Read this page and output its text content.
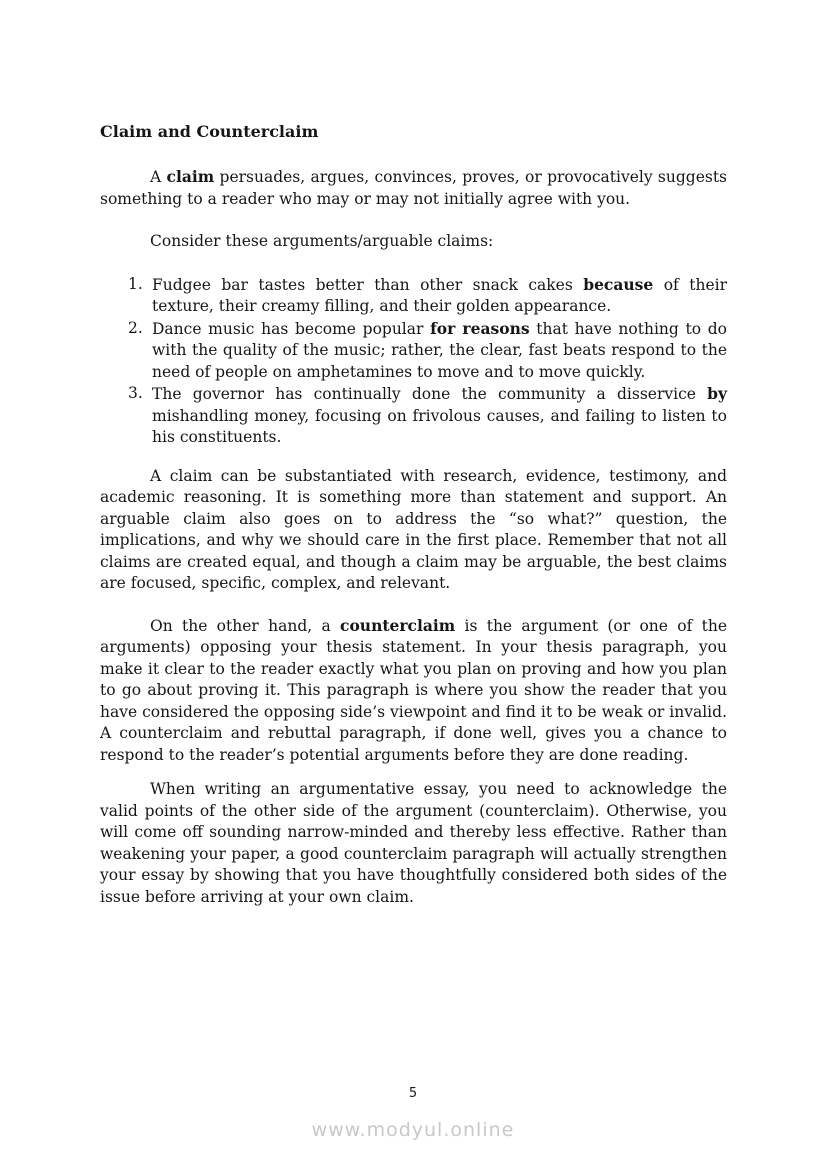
Claim and Counterclaim

A claim persuades, argues, convinces, proves, or provocatively suggests something to a reader who may or may not initially agree with you.

Consider these arguments/arguable claims:

1. Fudgee bar tastes better than other snack cakes because of their texture, their creamy filling, and their golden appearance.
2. Dance music has become popular for reasons that have nothing to do with the quality of the music; rather, the clear, fast beats respond to the need of people on amphetamines to move and to move quickly.
3. The governor has continually done the community a disservice by mishandling money, focusing on frivolous causes, and failing to listen to his constituents.

A claim can be substantiated with research, evidence, testimony, and academic reasoning. It is something more than statement and support. An arguable claim also goes on to address the “so what?” question, the implications, and why we should care in the first place. Remember that not all claims are created equal, and though a claim may be arguable, the best claims are focused, specific, complex, and relevant.

On the other hand, a counterclaim is the argument (or one of the arguments) opposing your thesis statement. In your thesis paragraph, you make it clear to the reader exactly what you plan on proving and how you plan to go about proving it. This paragraph is where you show the reader that you have considered the opposing side’s viewpoint and find it to be weak or invalid. A counterclaim and rebuttal paragraph, if done well, gives you a chance to respond to the reader’s potential arguments before they are done reading.

When writing an argumentative essay, you need to acknowledge the valid points of the other side of the argument (counterclaim). Otherwise, you will come off sounding narrow-minded and thereby less effective. Rather than weakening your paper, a good counterclaim paragraph will actually strengthen your essay by showing that you have thoughtfully considered both sides of the issue before arriving at your own claim.

5
www.modyul.online
